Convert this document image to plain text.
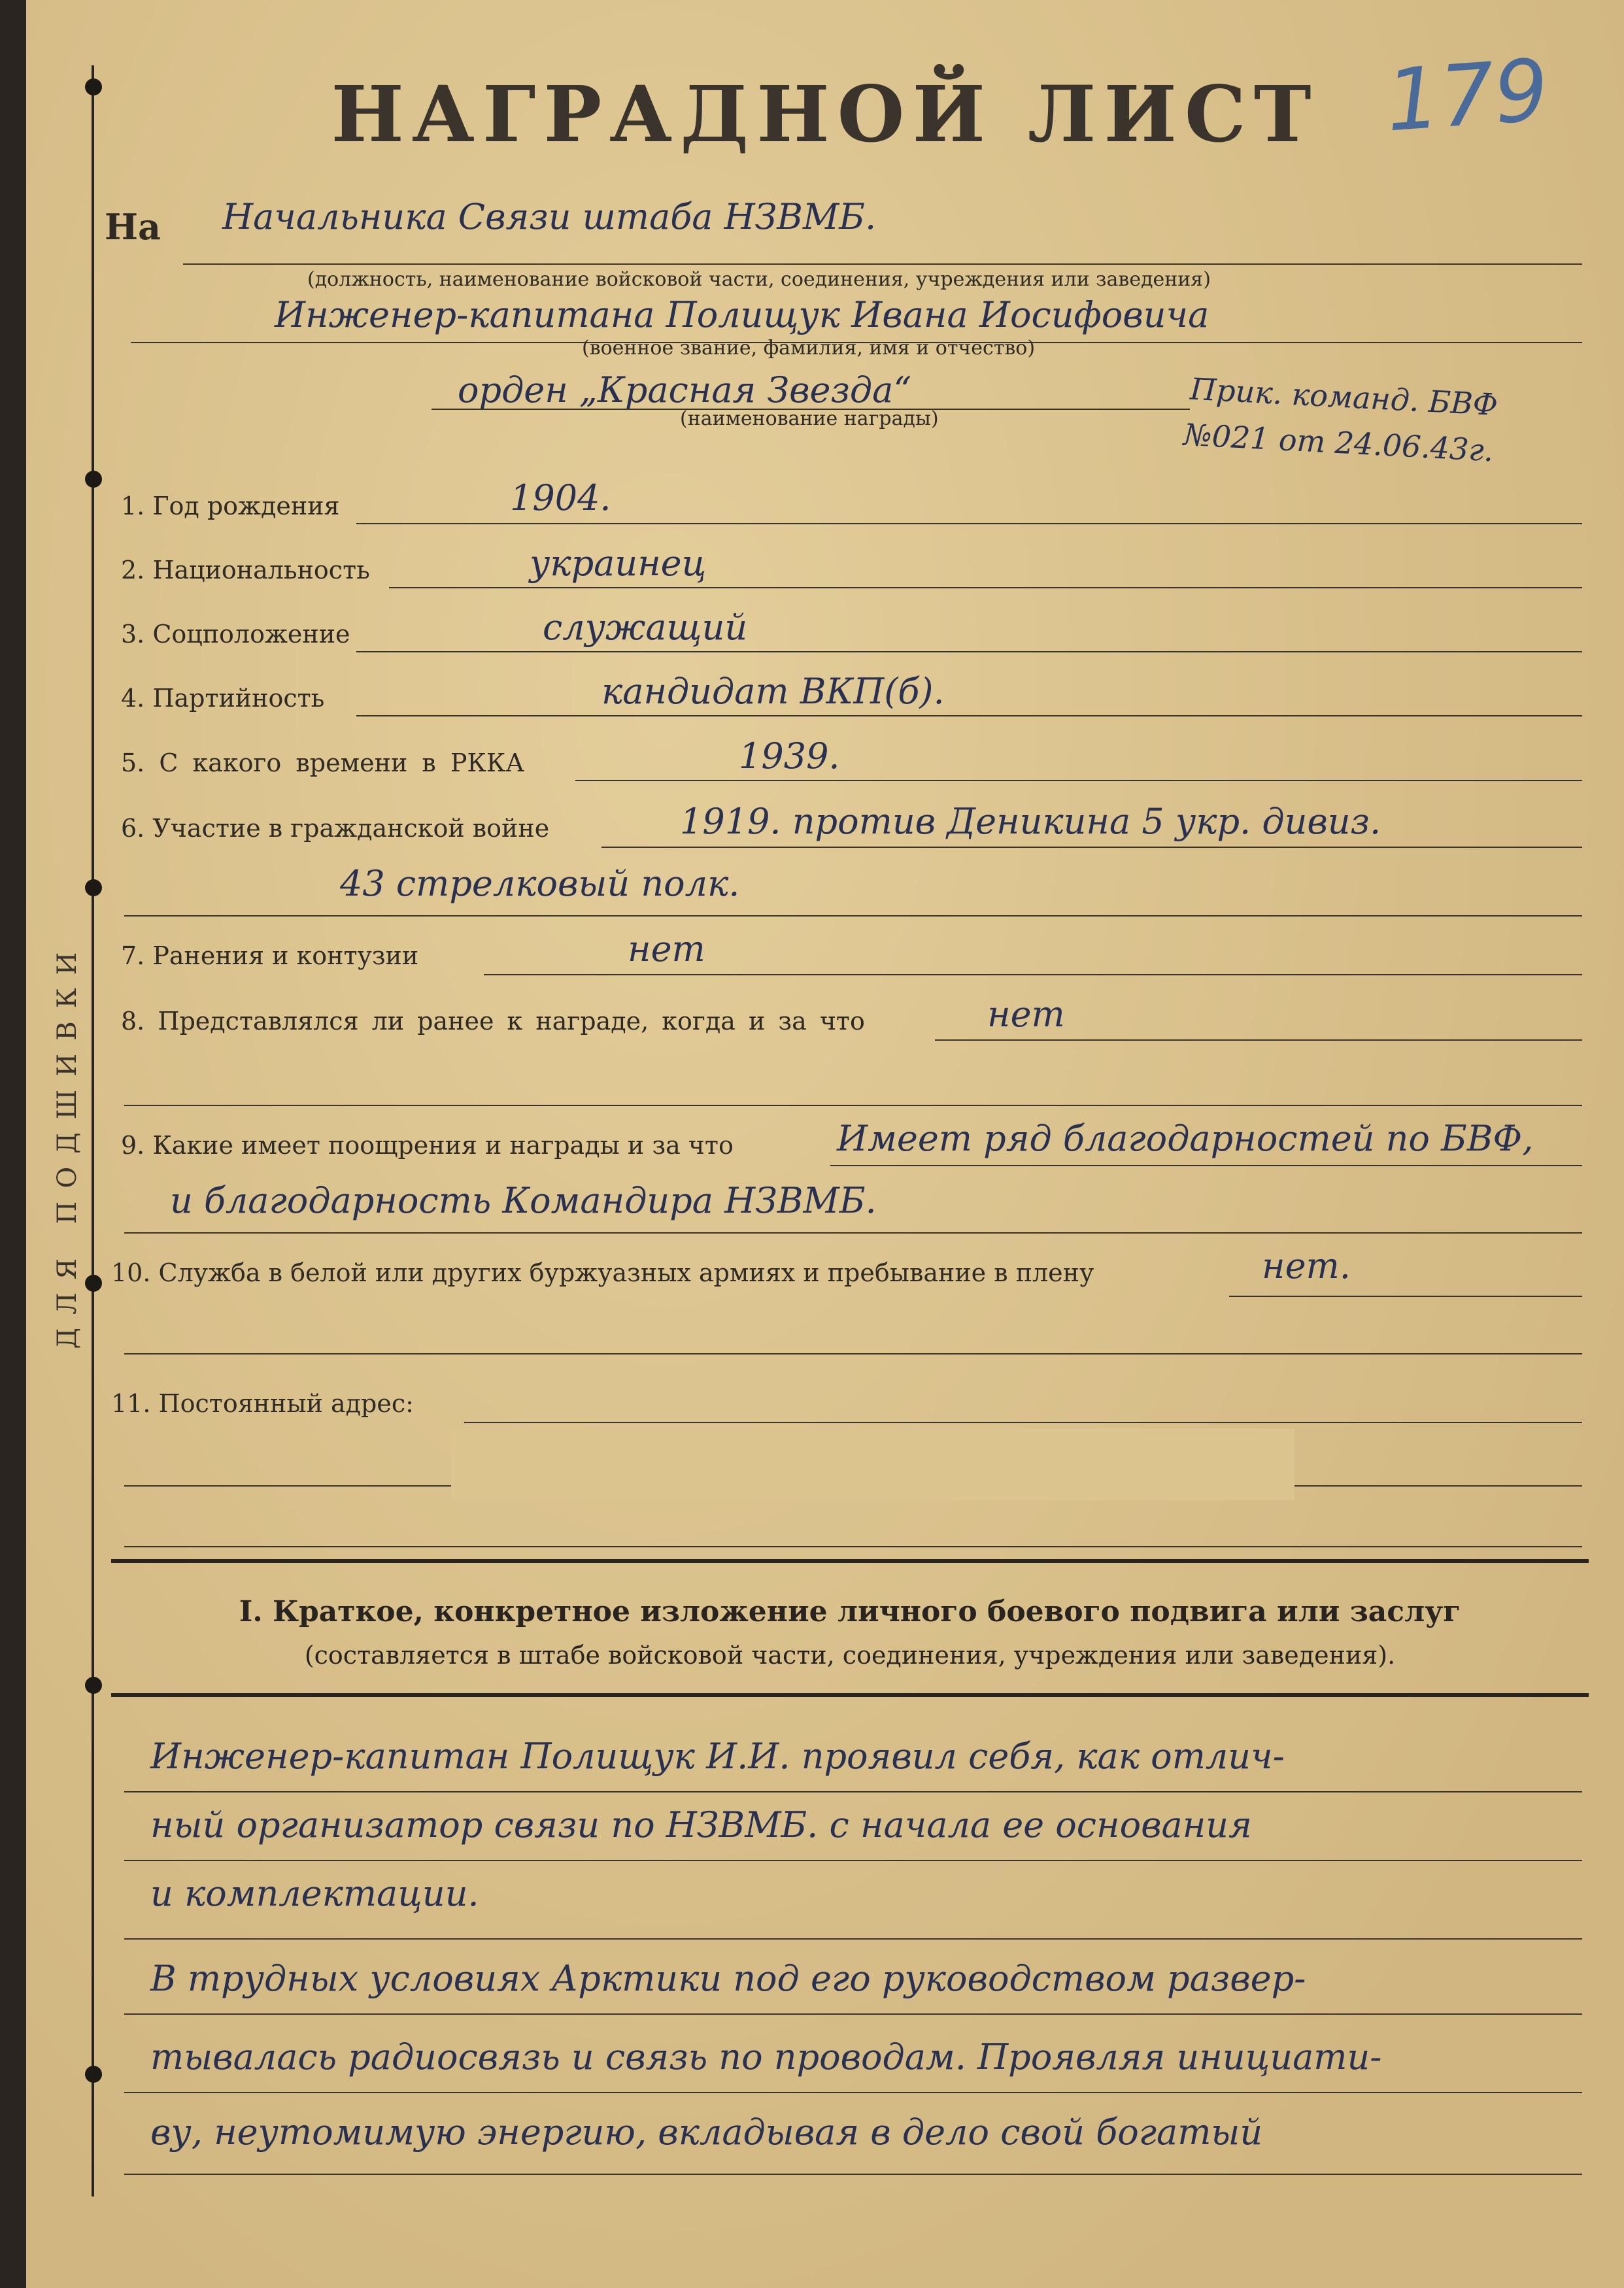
ДЛЯ ПОДШИВКИ
НАГРАДНОЙ ЛИСТ 179
На Начальника Связи штаба НЗВМБ.
(должность, наименование войсковой части, соединения, учреждения или заведения)
Инженер-капитана Полищук Ивана Иосифовича
(военное звание, фамилия, имя и отчество)
орден „Красная Звезда“
(наименование награды)	Прик. команд. БВФ
№021 от 24.06.43г.
1. Год рождения	1904.
2. Национальность	украинец
3. Соцположение	служащий
4. Партийность	кандидат ВКП(б).
5. С какого времени в РККА	1939.
6. Участие в гражданской войне	1919. против Деникина 5 укр. дивиз.
43 стрелковый полк.
7. Ранения и контузии	нет
8. Представлялся ли ранее к награде, когда и за что	нет
9. Какие имеет поощрения и награды и за что	Имеет ряд благодарностей по БВФ,
и благодарность Командира НЗВМБ.
10. Служба в белой или других буржуазных армиях и пребывание в плену	нет.
11. Постоянный адрес:
I. Краткое, конкретное изложение личного боевого подвига или заслуг
(составляется в штабе войсковой части, соединения, учреждения или заведения).
Инженер-капитан Полищук И.И. проявил себя, как отлич-
ный организатор связи по НЗВМБ. с начала ее основания
и комплектации.
В трудных условиях Арктики под его руководством развер-
тывалась радиосвязь и связь по проводам. Проявляя инициати-
ву, неутомимую энергию, вкладывая в дело свой богатый
